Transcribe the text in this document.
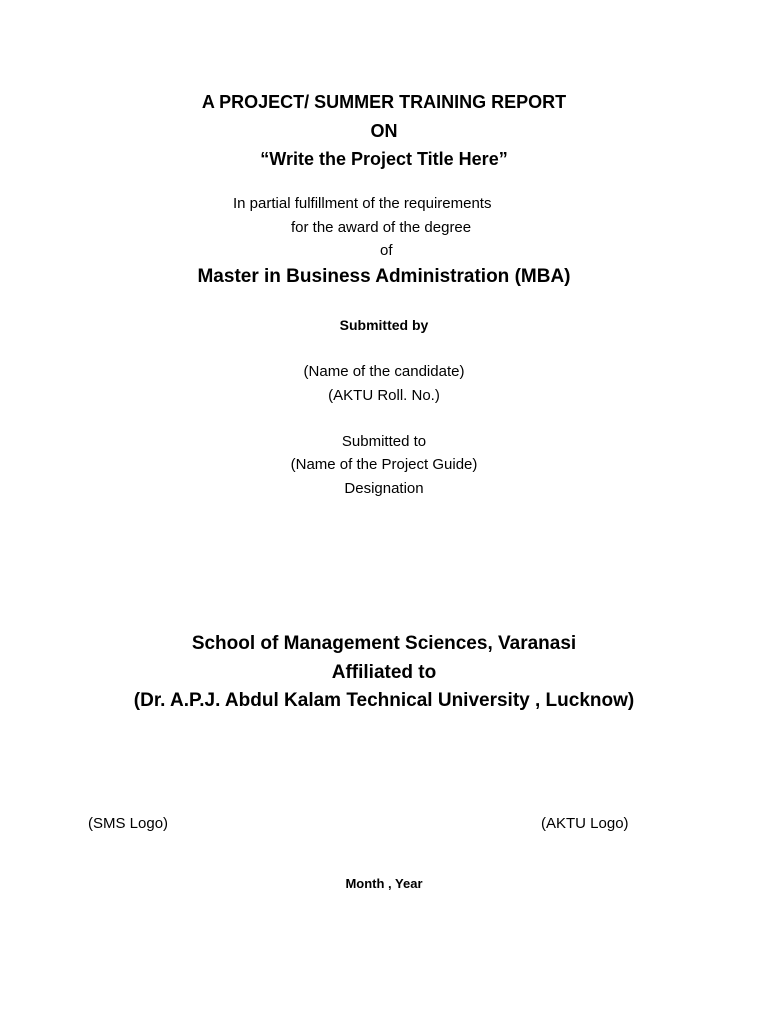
A PROJECT/ SUMMER TRAINING REPORT
ON
“Write the Project Title Here”
In partial fulfillment of the requirements
for the award of the degree
of
Master in Business Administration (MBA)
Submitted by
(Name of the candidate)
(AKTU Roll. No.)
Submitted to
(Name of the Project Guide)
Designation
School of Management Sciences, Varanasi
Affiliated to
(Dr. A.P.J. Abdul Kalam Technical University , Lucknow)
(SMS Logo)	(AKTU Logo)
Month , Year
